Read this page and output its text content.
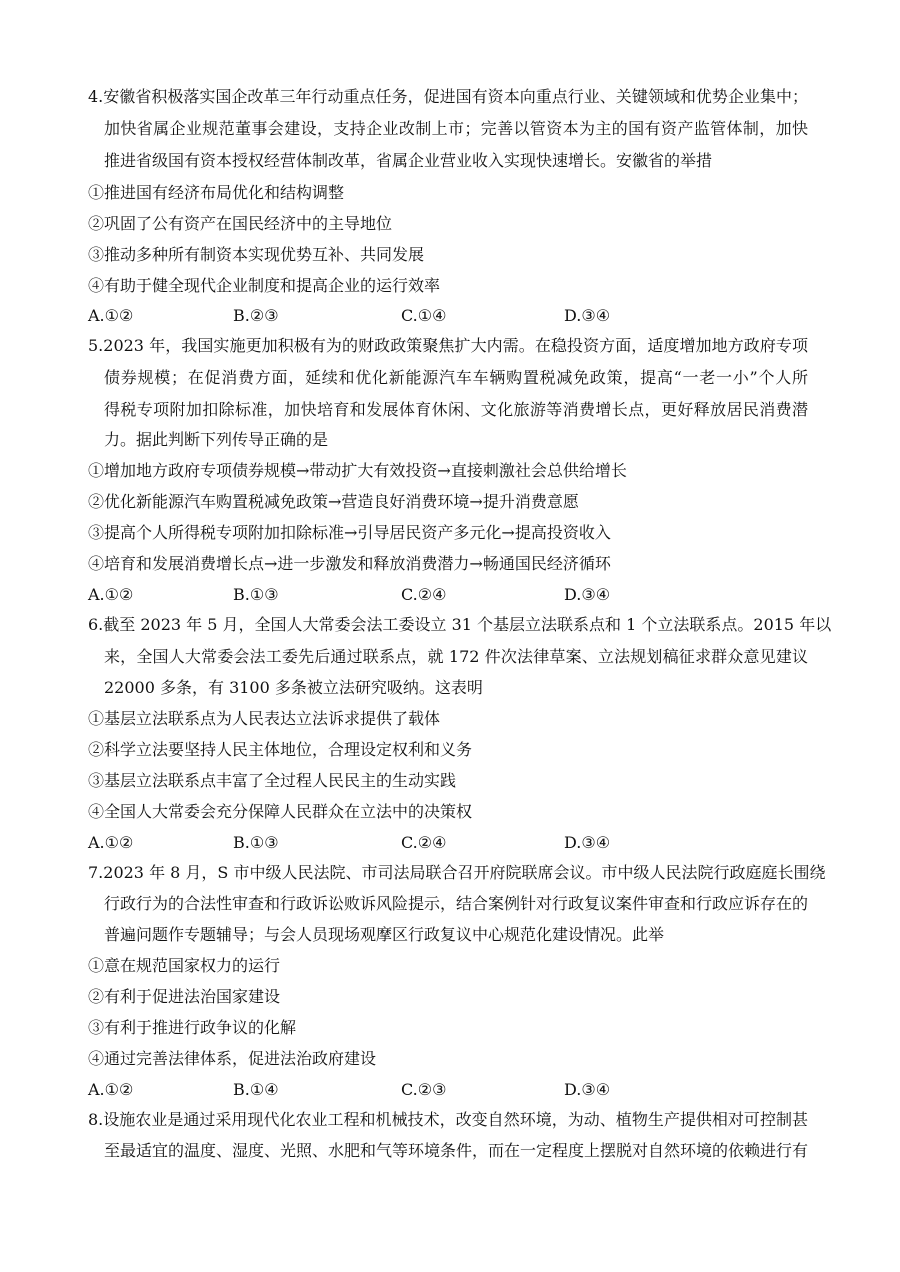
4.安徽省积极落实国企改革三年行动重点任务，促进国有资本向重点行业、关键领域和优势企业集中；
加快省属企业规范董事会建设，支持企业改制上市；完善以管资本为主的国有资产监管体制，加快
推进省级国有资本授权经营体制改革，省属企业营业收入实现快速增长。安徽省的举措
①推进国有经济布局优化和结构调整
②巩固了公有资产在国民经济中的主导地位
③推动多种所有制资本实现优势互补、共同发展
④有助于健全现代企业制度和提高企业的运行效率
A.①②	B.②③	C.①④	D.③④
5.2023 年，我国实施更加积极有为的财政政策聚焦扩大内需。在稳投资方面，适度增加地方政府专项
债券规模；在促消费方面，延续和优化新能源汽车车辆购置税减免政策，提高“一老一小”个人所
得税专项附加扣除标准，加快培育和发展体育休闲、文化旅游等消费增长点，更好释放居民消费潜
力。据此判断下列传导正确的是
①增加地方政府专项债券规模→带动扩大有效投资→直接刺激社会总供给增长
②优化新能源汽车购置税减免政策→营造良好消费环境→提升消费意愿
③提高个人所得税专项附加扣除标准→引导居民资产多元化→提高投资收入
④培育和发展消费增长点→进一步激发和释放消费潜力→畅通国民经济循环
A.①②	B.①③	C.②④	D.③④
6.截至 2023 年 5 月，全国人大常委会法工委设立 31 个基层立法联系点和 1 个立法联系点。2015 年以
来，全国人大常委会法工委先后通过联系点，就 172 件次法律草案、立法规划稿征求群众意见建议
22000 多条，有 3100 多条被立法研究吸纳。这表明
①基层立法联系点为人民表达立法诉求提供了载体
②科学立法要坚持人民主体地位，合理设定权利和义务
③基层立法联系点丰富了全过程人民民主的生动实践
④全国人大常委会充分保障人民群众在立法中的决策权
A.①②	B.①③	C.②④	D.③④
7.2023 年 8 月，S 市中级人民法院、市司法局联合召开府院联席会议。市中级人民法院行政庭庭长围绕
行政行为的合法性审查和行政诉讼败诉风险提示，结合案例针对行政复议案件审查和行政应诉存在的
普遍问题作专题辅导；与会人员现场观摩区行政复议中心规范化建设情况。此举
①意在规范国家权力的运行
②有利于促进法治国家建设
③有利于推进行政争议的化解
④通过完善法律体系，促进法治政府建设
A.①②	B.①④	C.②③	D.③④
8.设施农业是通过采用现代化农业工程和机械技术，改变自然环境，为动、植物生产提供相对可控制甚
至最适宜的温度、湿度、光照、水肥和气等环境条件，而在一定程度上摆脱对自然环境的依赖进行有
